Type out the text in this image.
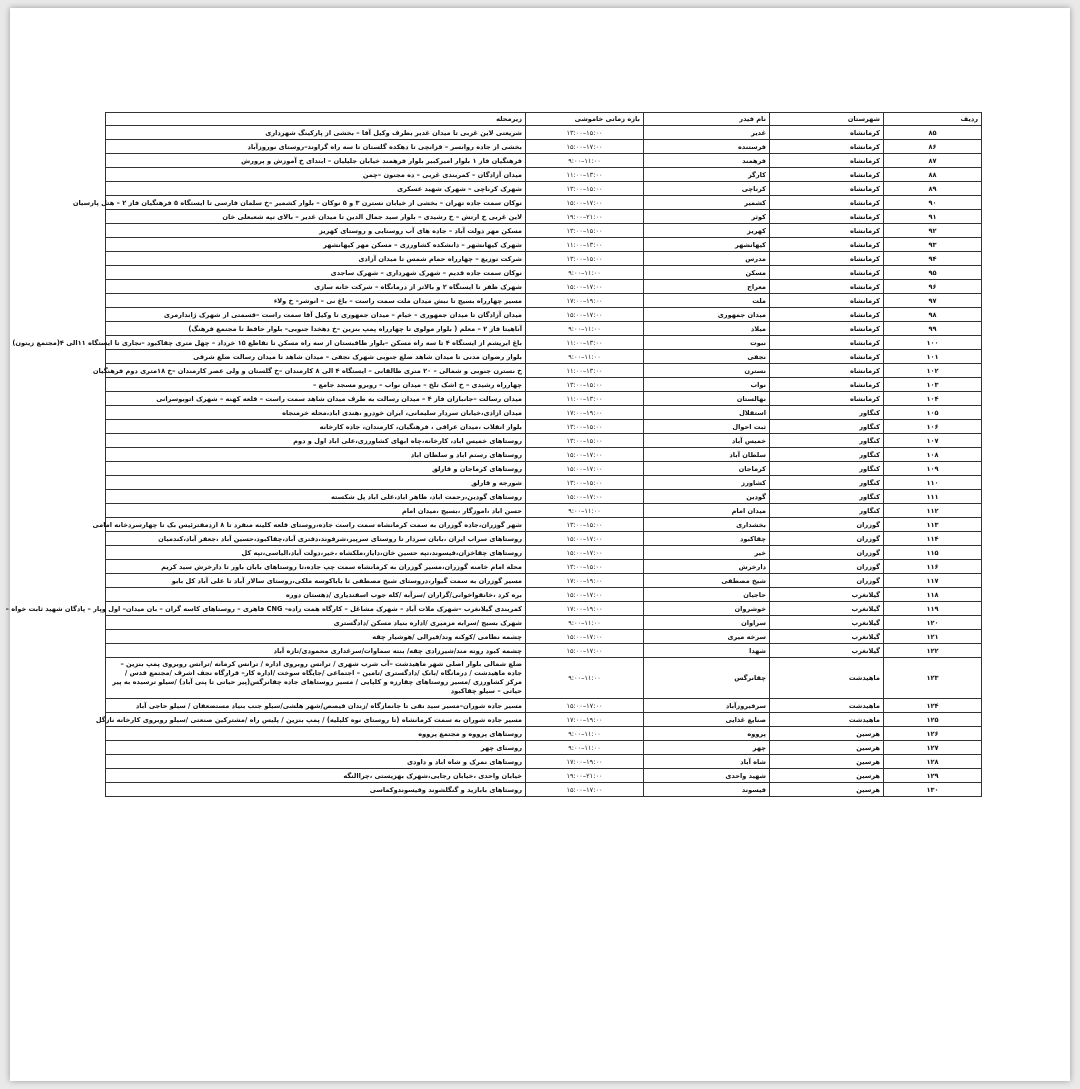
ردیف	شهرستان	نام فیدر	بازه زمانی خاموشی	زیرمحله
۸۵	کرمانشاه	غدیر	۱۳:۰۰–۱۵:۰۰	شریعتی لاین غربی تا میدان غدیر بطرف وکیل آقا – بخشی از پارکینگ شهرداری
۸۶	کرمانشاه	فرستنده	۱۵:۰۰–۱۷:۰۰	بخشی از جاده روانسر – قزانچی تا دهکده گلستان تا سه راه گراوند–روستای نوروزآباد
۸۷	کرمانشاه	فرهمند	۹:۰۰–۱۱:۰۰	فرهنگیان فاز ۱ بلوار امیرکبیر بلوار فرهمند خیابان جلیلیان – ابتدای خ آموزش و پرورش
۸۸	کرمانشاه	کارگر	۱۱:۰۰–۱۳:۰۰	میدان آزادگان – کمربندی غربی – ده مجنون –چمن
۸۹	کرمانشاه	کرناچی	۱۳:۰۰–۱۵:۰۰	شهرک کرناچی – شهرک شهید عسکری
۹۰	کرمانشاه	کشمیر	۱۵:۰۰–۱۷:۰۰	نوکان سمت جاده تهران – بخشی از خیابان نسترن ۳ و ۵ نوکان – بلوار کشمیر –خ سلمان فارسی تا ایستگاه ۵ فرهنگیان فاز ۲ – هتل پارسیان
۹۱	کرمانشاه	کوثر	۱۹:۰۰–۲۱:۰۰	لاین غربی خ ارتش – خ رشیدی – بلوار سید جمال الدین تا میدان غدیر – بالای تپه شعبعلی خان
۹۲	کرمانشاه	کهریز	۱۳:۰۰–۱۵:۰۰	مسکن مهر دولت آباد – جاده های آب روستایی و روستای کهریز
۹۳	کرمانشاه	کیهانشهر	۱۱:۰۰–۱۳:۰۰	شهرک کیهانشهر – دانشکده کشاورزی – مسکن مهر کیهانشهر
۹۴	کرمانشاه	مدرس	۱۳:۰۰–۱۵:۰۰	شرکت توزیع – چهارراه حمام شمس تا میدان آزادی
۹۵	کرمانشاه	مسکن	۹:۰۰–۱۱:۰۰	نوکان سمت جاده قدیم – شهرک شهرداری – شهرک ساجدی
۹۶	کرمانشاه	معراج	۱۵:۰۰–۱۷:۰۰	شهرک ظفر تا ایستگاه ۲ و بالاتر از درمانگاه – شرکت خانه سازی
۹۷	کرمانشاه	ملت	۱۷:۰۰–۱۹:۰۰	مسیر چهارراه بسیج تا نبش میدان ملت سمت راست – باغ نی – انوشر– خ ولاء
۹۸	کرمانشاه	میدان جمهوری	۱۵:۰۰–۱۷:۰۰	میدان آزادگان تا میدان جمهوری – خیام – میدان جمهوری تا وکیل آقا سمت راست –قسمتی از شهرک ژاندارمری
۹۹	کرمانشاه	میلاد	۹:۰۰–۱۱:۰۰	آناهیتا فاز ۲ – معلم ( بلوار مولوی تا چهارراه پمپ بنزین –خ دهخدا جنوبی– بلوار حافظ تا مجتمع فرهنگ)
۱۰۰	کرمانشاه	نبوت	۱۱:۰۰–۱۳:۰۰	باغ ابریشم از ایستگاه ۴ تا سه راه مسکن –بلوار طاقبستان از سه راه مسکن تا تقاطع ۱۵ خرداد – چهل متری چقاکبود –نجاری تا ایستگاه ۱۱الی ۴(مجتمع زیتون)
۱۰۱	کرمانشاه	نجفی	۹:۰۰–۱۱:۰۰	بلوار رضوان مدنی تا میدان شاهد ضلع جنوبی شهرک نجفی – میدان شاهد تا میدان رسالت ضلع شرقی
۱۰۲	کرمانشاه	نسترن	۱۱:۰۰–۱۳:۰۰	خ نسترن جنوبی و شمالی – ۲۰ متری طالقانی – ایستگاه ۴ الی ۸ کارمندان –خ گلستان و ولی عصر کارمندان –خ ۱۸متری دوم فرهنگیان
۱۰۳	کرمانشاه	نواب	۱۳:۰۰–۱۵:۰۰	چهارراه رشیدی – خ اشک تلخ – میدان نواب – روبرو مسجد جامع –
۱۰۴	کرمانشاه	نهالستان	۱۱:۰۰–۱۳:۰۰	میدان رسالت –جانبازان فاز ۴ – میدان رسالت به طرف میدان شاهد سمت راست – قلعه کهنه – شهرک اتوبوسرانی
۱۰۵	کنگاور	استقلال	۱۷:۰۰–۱۹:۰۰	میدان ازادی،خیابان سردار سلیمانی، ایران خودرو ،هندی اباد،محله خرمنجاه
۱۰۶	کنگاور	ثبت احوال	۱۳:۰۰–۱۵:۰۰	بلوار انقلاب ،میدان عراقی ، فرهنگیان، کارمندان، جاده کارخانه
۱۰۷	کنگاور	خمیس آباد	۱۳:۰۰–۱۵:۰۰	روستاهای خمیس اباد، کارخانه،چاه ابهای کشاورزی،علی اباد اول و دوم
۱۰۸	کنگاور	سلطان آباد	۱۵:۰۰–۱۷:۰۰	روستاهای رستم اباد و سلطان اباد
۱۰۹	کنگاور	کرماجان	۱۵:۰۰–۱۷:۰۰	روستاهای کرماجان و قارلق
۱۱۰	کنگاور	کشاورز	۱۳:۰۰–۱۵:۰۰	شورجه و قارلق
۱۱۱	کنگاور	گودین	۱۵:۰۰–۱۷:۰۰	روستاهای گودین،رحمت اباد، ظاهر اباد،علی اباد پل شکسته
۱۱۲	کنگاور	میدان امام	۹:۰۰–۱۱:۰۰	حسن اباد ،اموزگار ،بسیج ،میدان امام
۱۱۳	گوزران	بخشداری	۱۳:۰۰–۱۵:۰۰	شهر گوزران،جاده گوزران به سمت کرمانشاه سمت راست جاده،روستای قلعه کلینه منفرد تا ۸ ازدمفترئیس بک تا چهارسردخانه امامی
۱۱۴	گوزران	چقاکبود	۱۵:۰۰–۱۷:۰۰	روستاهای سراب ایران ،بابان سردار تا روستای سرپیر،شرفوند،دفتری آباد،چقاکبود،حسین آباد ،جعفر آباد،کندمیان
۱۱۵	گوزران	خیر	۱۵:۰۰–۱۷:۰۰	روستاهای چقاخزان،قیسوند،تپه حسین خان،دایاز،ملکشاه ،خیر،دولت آباد،الیاسی،تپه کل
۱۱۶	گوزران	دارخرش	۱۳:۰۰–۱۵:۰۰	محله امام خامنه گوزران،مسیر گوزران به کرمانشاه سمت چپ جاده،تا روستاهای بابان باور تا دارخرش سید کریم
۱۱۷	گوزران	شیخ مصطفی	۱۷:۰۰–۱۹:۰۰	مسیر گوزران به سمت گیوار،دروستای شیخ مصطفی تا باباکوسه ملکی،روستای سالار آباد تا علی آباد کل بابو
۱۱۸	گیلانغرب	حاجیان	۱۵:۰۰–۱۷:۰۰	بره کرد ،خانقواخوانی/گراران /سرآبه /کله جوب اسفندیاری /دهستان دوره
۱۱۹	گیلانغرب	خوشروان	۱۷:۰۰–۱۹:۰۰	کمربندی گیلانغرب –شهرک ملات آباد – شهرک مشاغل – کارگاه همت زاده– CNG قاهری – روستاهای کاسه گران – بان میدان– اول وپار – پادگان شهید ثابت خواه –
۱۲۰	گیلانغرب	سراوان	۹:۰۰–۱۱:۰۰	شهرک بسیج /سرابه مزمیری /اداره بنیاد مسکن /دادگستری
۱۲۱	گیلانغرب	سرخه میری	۱۵:۰۰–۱۷:۰۰	چشمه نظامی /کوکنه وند/قیرالی /هوشیار چقه
۱۲۲	گیلانغرب	شهدا	۱۵:۰۰–۱۷:۰۰	چشمه کبود روته مند/شیرزادی چقه/ بنته سماوات/سرغداری محمودی/تازه آباد
۱۲۳	ماهیدشت	چقانرگس	۹:۰۰–۱۱:۰۰	ضلع شمالی بلوار اصلی شهر ماهیدشت –آب شرب شهری / ترانس روبروی اداره / ترانس کرمانه /ترانس روبروی پمپ بنزین –جاده ماهیدشت / درمانگاه /بانک /دادگستری /تامین – اجتماعی /جایگاه سوخت /اداره کار– قرارگاه نجف اشرف /مجتمع قدس /مرکز کشاورزی /مسیر روستاهای چقارزه و کلیایی / مسیر روستاهای جاده چقانرگس(پیر حیاتی تا پنی آباد) /سیلو ترسیده به پیر حیاتی – سیلو چقاکبود
۱۲۴	ماهیدشت	سرفیروزآباد	۱۵:۰۰–۱۷:۰۰	مسیر جاده شوران–مسیر سید نقی تا جانمازگاه /زندان قیصص/شهر هلشی/سیلو جنب بنیاد مستضعفان / سیلو حاجی آباد
۱۲۵	ماهیدشت	صنایع غذایی	۱۷:۰۰–۱۹:۰۰	مسیر جاده شوران به سمت کرمانشاه (تا روستای نوه کلیلیه) / پمپ بنزین / پلیس راه /مشترکین صنعتی /سیلو روبروی کارخانه نازگل
۱۲۶	هرسین	پرووه	۹:۰۰–۱۱:۰۰	روستاهای پرووه و مجتمع پرووه
۱۲۷	هرسین	چهر	۹:۰۰–۱۱:۰۰	روستای چهر
۱۲۸	هرسین	شاه آباد	۱۷:۰۰–۱۹:۰۰	روستاهای نمرک و شاه اباد و داودی
۱۲۹	هرسین	شهید واحدی	۱۹:۰۰–۲۱:۰۰	خیابان واحدی ،خیابان رجایی،شهرک بهزیستی ،چراالنگه
۱۳۰	هرسین	قیسوند	۱۵:۰۰–۱۷:۰۰	روستاهای بابازید و گنگلشوند وقیسوندوکماسی
